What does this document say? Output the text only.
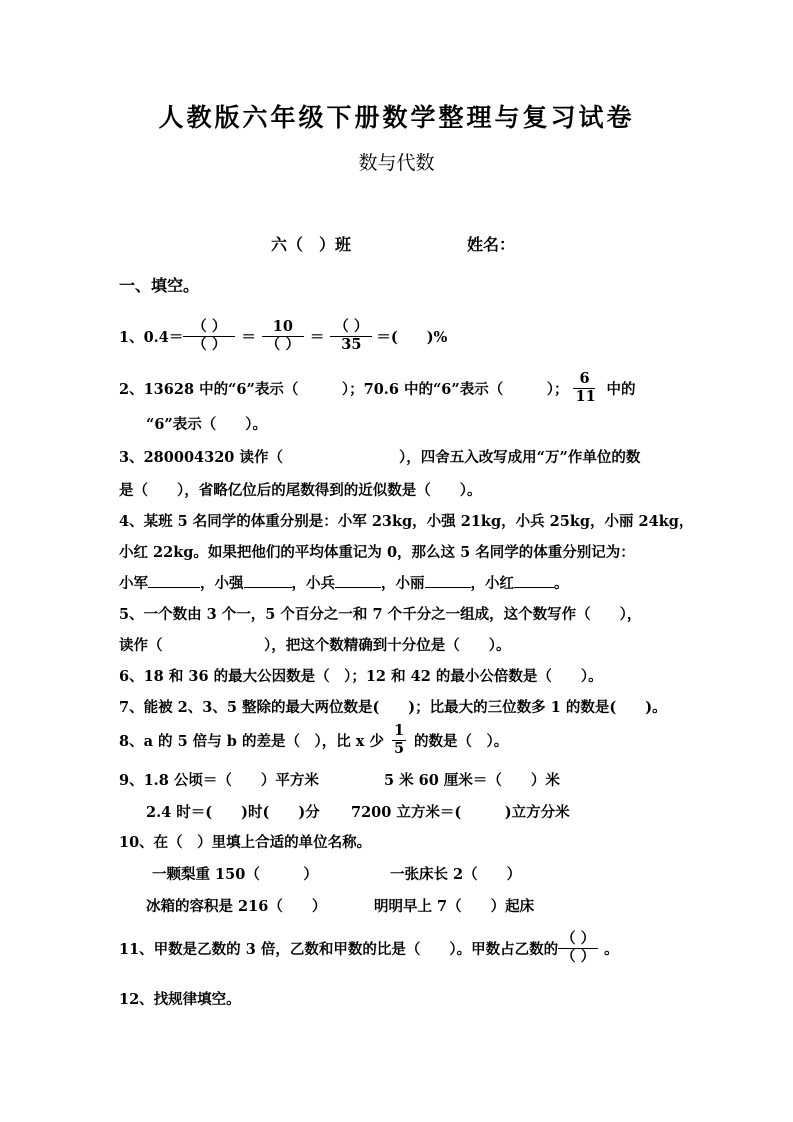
人教版六年级下册数学整理与复习试卷
数与代数
六（　）班	姓名：
一、填空。
1、$0.4= \frac{( )}{( )} = \frac{10}{( )} = \frac{( )}{35}$ ＝(　　)%
2、13628 中的“6”表示（　　　）；70.6 中的“6”表示（　　　）； $\frac{6}{11}$ 中的
“6”表示（　　）。
3、280004320 读作（　　　　　　　　），四舍五入改写成用“万”作单位的数
是（　　），省略亿位后的尾数得到的近似数是（　　）。
4、某班 5 名同学的体重分别是：小军 23kg，小强 21kg，小兵 25kg，小丽 24kg，
小红 22kg。如果把他们的平均体重记为 0，那么这 5 名同学的体重分别记为：
小军	，小强	，小兵	，小丽	，小红	。
5、一个数由 3 个一，5 个百分之一和 7 个千分之一组成，这个数写作（　　），
读作（　　　　　　　），把这个数精确到十分位是（　　）。
6、18 和 36 的最大公因数是（　）；12 和 42 的最小公倍数是（　　）。
7、能被 2、3、5 整除的最大两位数是(　　)；比最大的三位数多 1 的数是(　　)。
8、a 的 5 倍与 b 的差是（　），比 x 少 $\frac{1}{5}$ 的数是（　）。
9、1.8 公顷＝（　　）平方米	5 米 60 厘米＝（　　）米
2.4 时＝(　　)时(　　)分 7200 立方米＝(　　　)立方分米
10、在（　）里填上合适的单位名称。
一颗梨重 150（　　　）	一张床长 2（　　）
冰箱的容积是 216（　　）	明明早上 7（　　）起床
11、甲数是乙数的 3 倍，乙数和甲数的比是（　　）。甲数占乙数的 $\frac{( )}{( )}$ 。
12、找规律填空。
